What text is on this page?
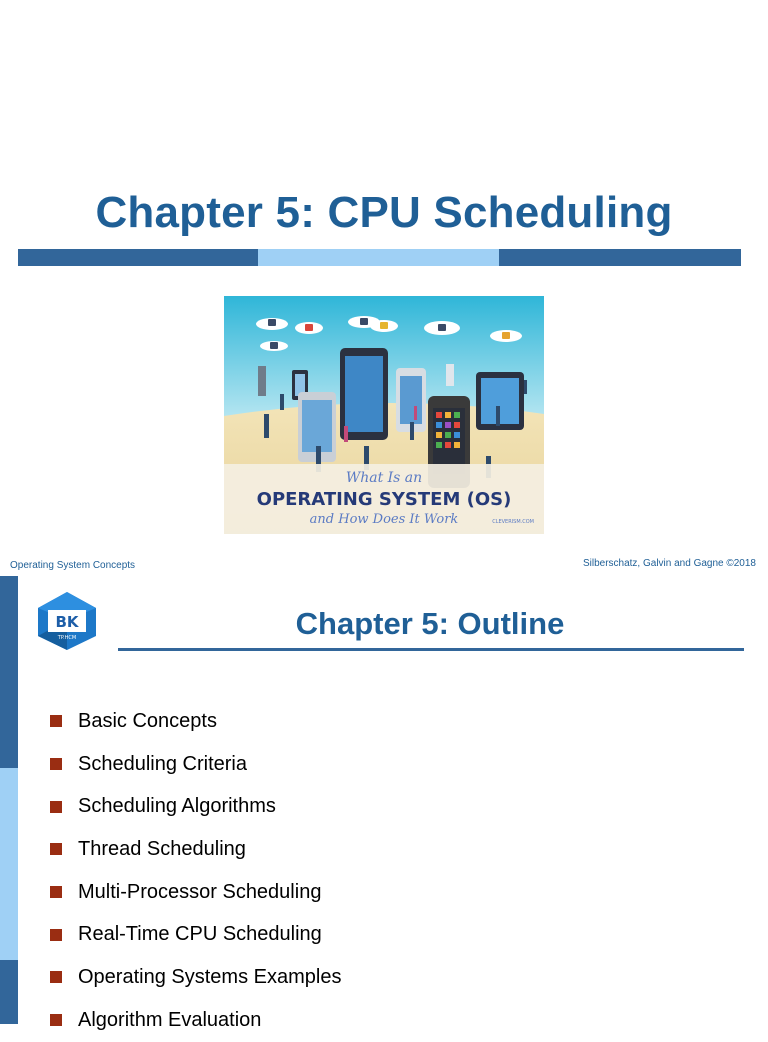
Chapter 5: CPU Scheduling
What Is an
OPERATING SYSTEM (OS)
and How Does It Work	CLEVERISM.COM
Operating System Concepts	Silberschatz, Galvin and Gagne ©2018
BK
TP.HCM	Chapter 5: Outline
Basic Concepts
Scheduling Criteria
Scheduling Algorithms
Thread Scheduling
Multi-Processor Scheduling
Real-Time CPU Scheduling
Operating Systems Examples
Algorithm Evaluation
